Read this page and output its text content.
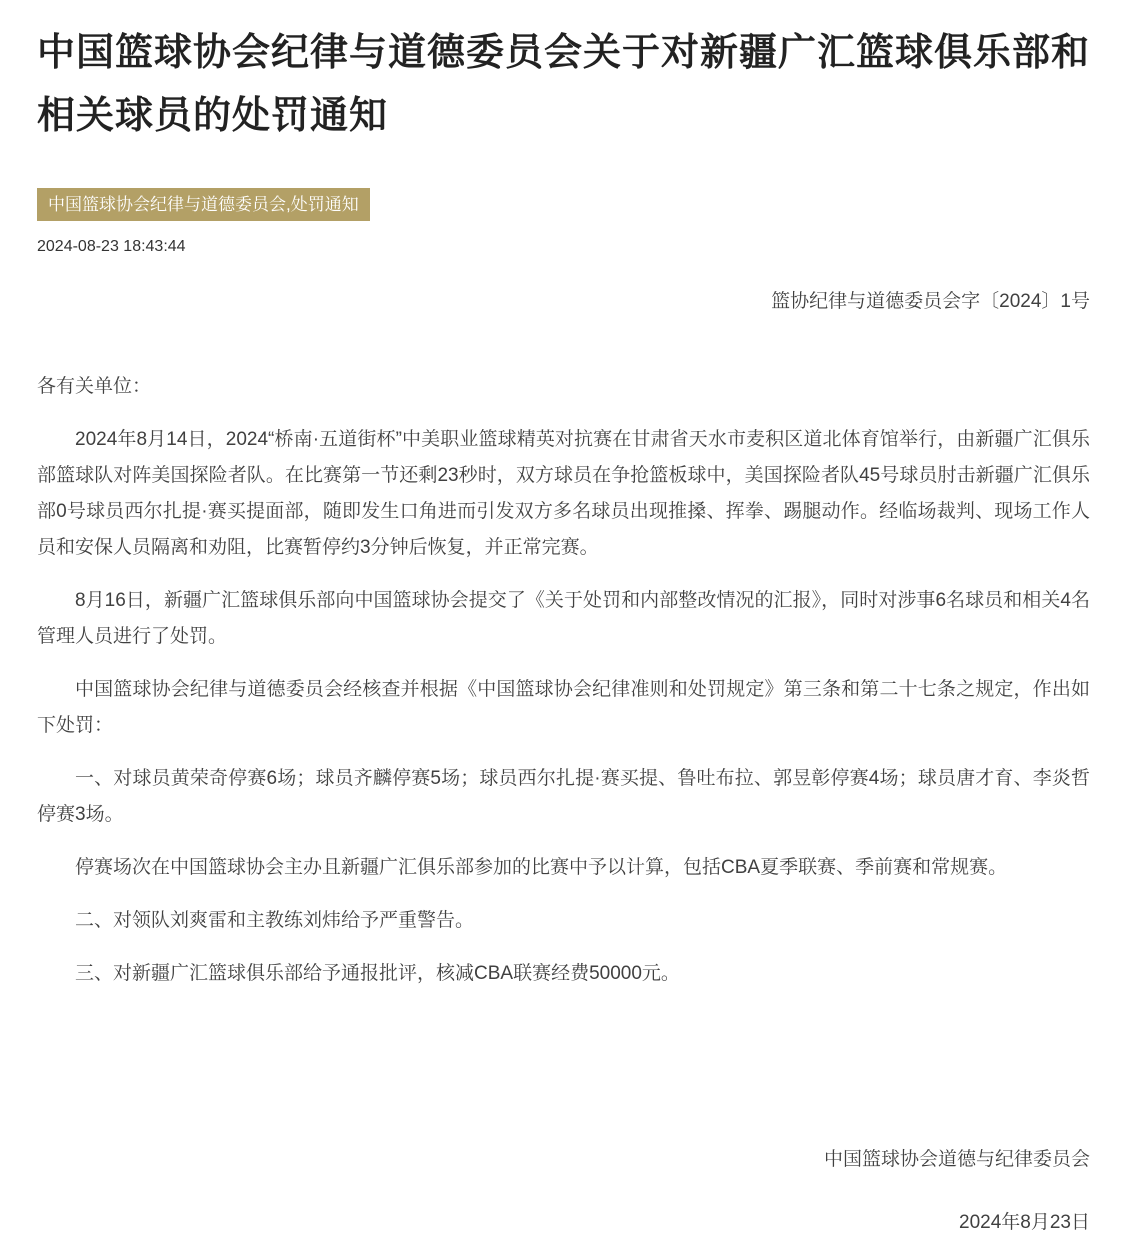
中国篮球协会纪律与道德委员会关于对新疆广汇篮球俱乐部和相关球员的处罚通知
中国篮球协会纪律与道德委员会,处罚通知
2024-08-23 18:43:44
篮协纪律与道德委员会字〔2024〕1号

各有关单位：

2024年8月14日，2024“桥南·五道街杯”中美职业篮球精英对抗赛在甘肃省天水市麦积区道北体育馆举行，由新疆广汇俱乐部篮球队对阵美国探险者队。在比赛第一节还剩23秒时，双方球员在争抢篮板球中，美国探险者队45号球员肘击新疆广汇俱乐部0号球员西尔扎提·赛买提面部，随即发生口角进而引发双方多名球员出现推搡、挥拳、踢腿动作。经临场裁判、现场工作人员和安保人员隔离和劝阻，比赛暂停约3分钟后恢复，并正常完赛。

8月16日，新疆广汇篮球俱乐部向中国篮球协会提交了《关于处罚和内部整改情况的汇报》，同时对涉事6名球员和相关4名管理人员进行了处罚。

中国篮球协会纪律与道德委员会经核查并根据《中国篮球协会纪律准则和处罚规定》第三条和第二十七条之规定，作出如下处罚：

一、对球员黄荣奇停赛6场；球员齐麟停赛5场；球员西尔扎提·赛买提、鲁吐布拉、郭昱彰停赛4场；球员唐才育、李炎哲停赛3场。

停赛场次在中国篮球协会主办且新疆广汇俱乐部参加的比赛中予以计算，包括CBA夏季联赛、季前赛和常规赛。

二、对领队刘爽雷和主教练刘炜给予严重警告。

三、对新疆广汇篮球俱乐部给予通报批评，核减CBA联赛经费50000元。

中国篮球协会道德与纪律委员会
2024年8月23日
